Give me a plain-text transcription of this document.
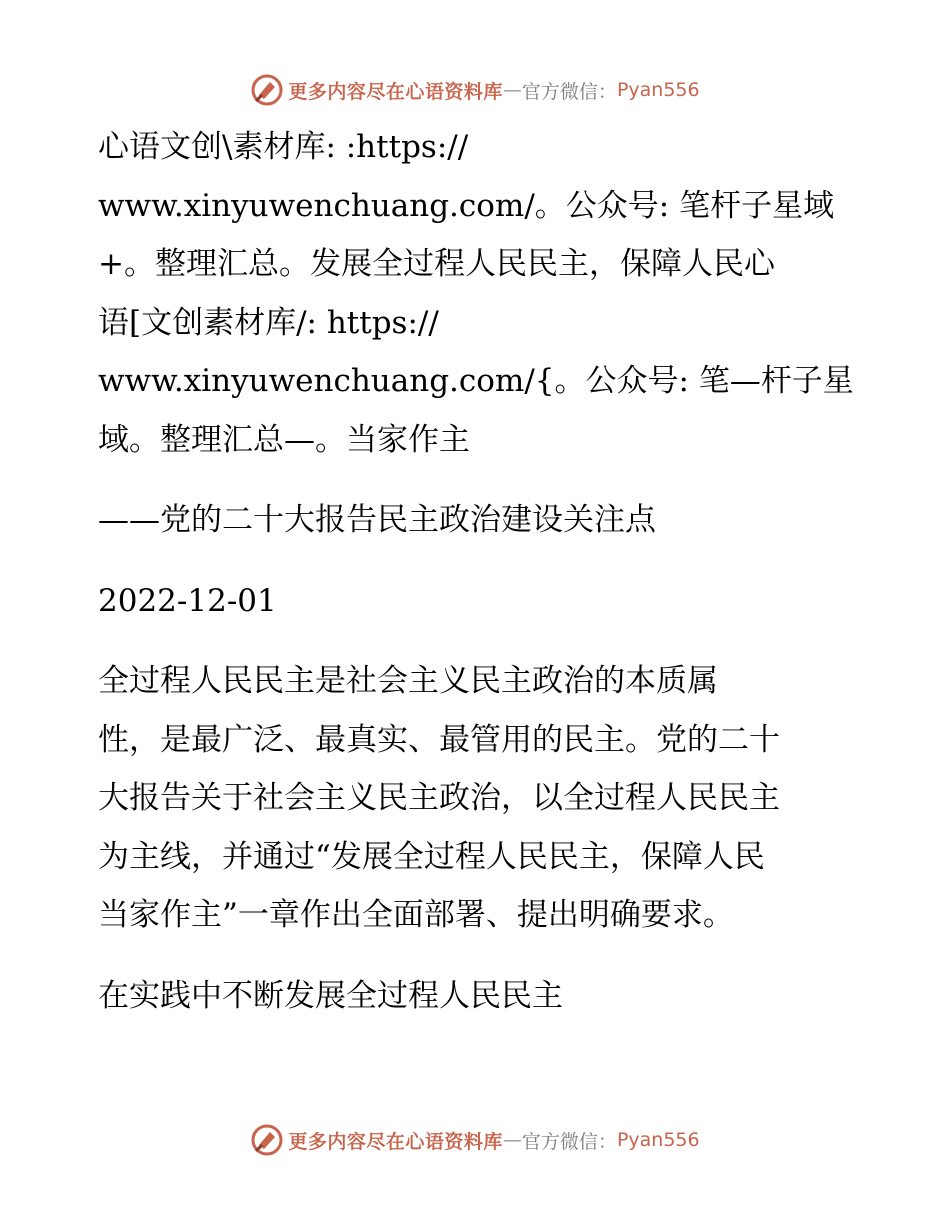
更多内容尽在心语资料库 — 官方微信： Pyan556

心语文创\素材库: :https://
www.xinyuwenchuang.com/。公众号: 笔杆子星域
+。整理汇总。发展全过程人民民主，保障人民心
语[文创素材库/: https://
www.xinyuwenchuang.com/{。公众号: 笔—杆子星
域。整理汇总—。当家作主

——党的二十大报告民主政治建设关注点

2022-12-01

全过程人民民主是社会主义民主政治的本质属
性，是最广泛、最真实、最管用的民主。党的二十
大报告关于社会主义民主政治，以全过程人民民主
为主线，并通过“发展全过程人民民主，保障人民
当家作主”一章作出全面部署、提出明确要求。

在实践中不断发展全过程人民民主

更多内容尽在心语资料库 — 官方微信： Pyan556
